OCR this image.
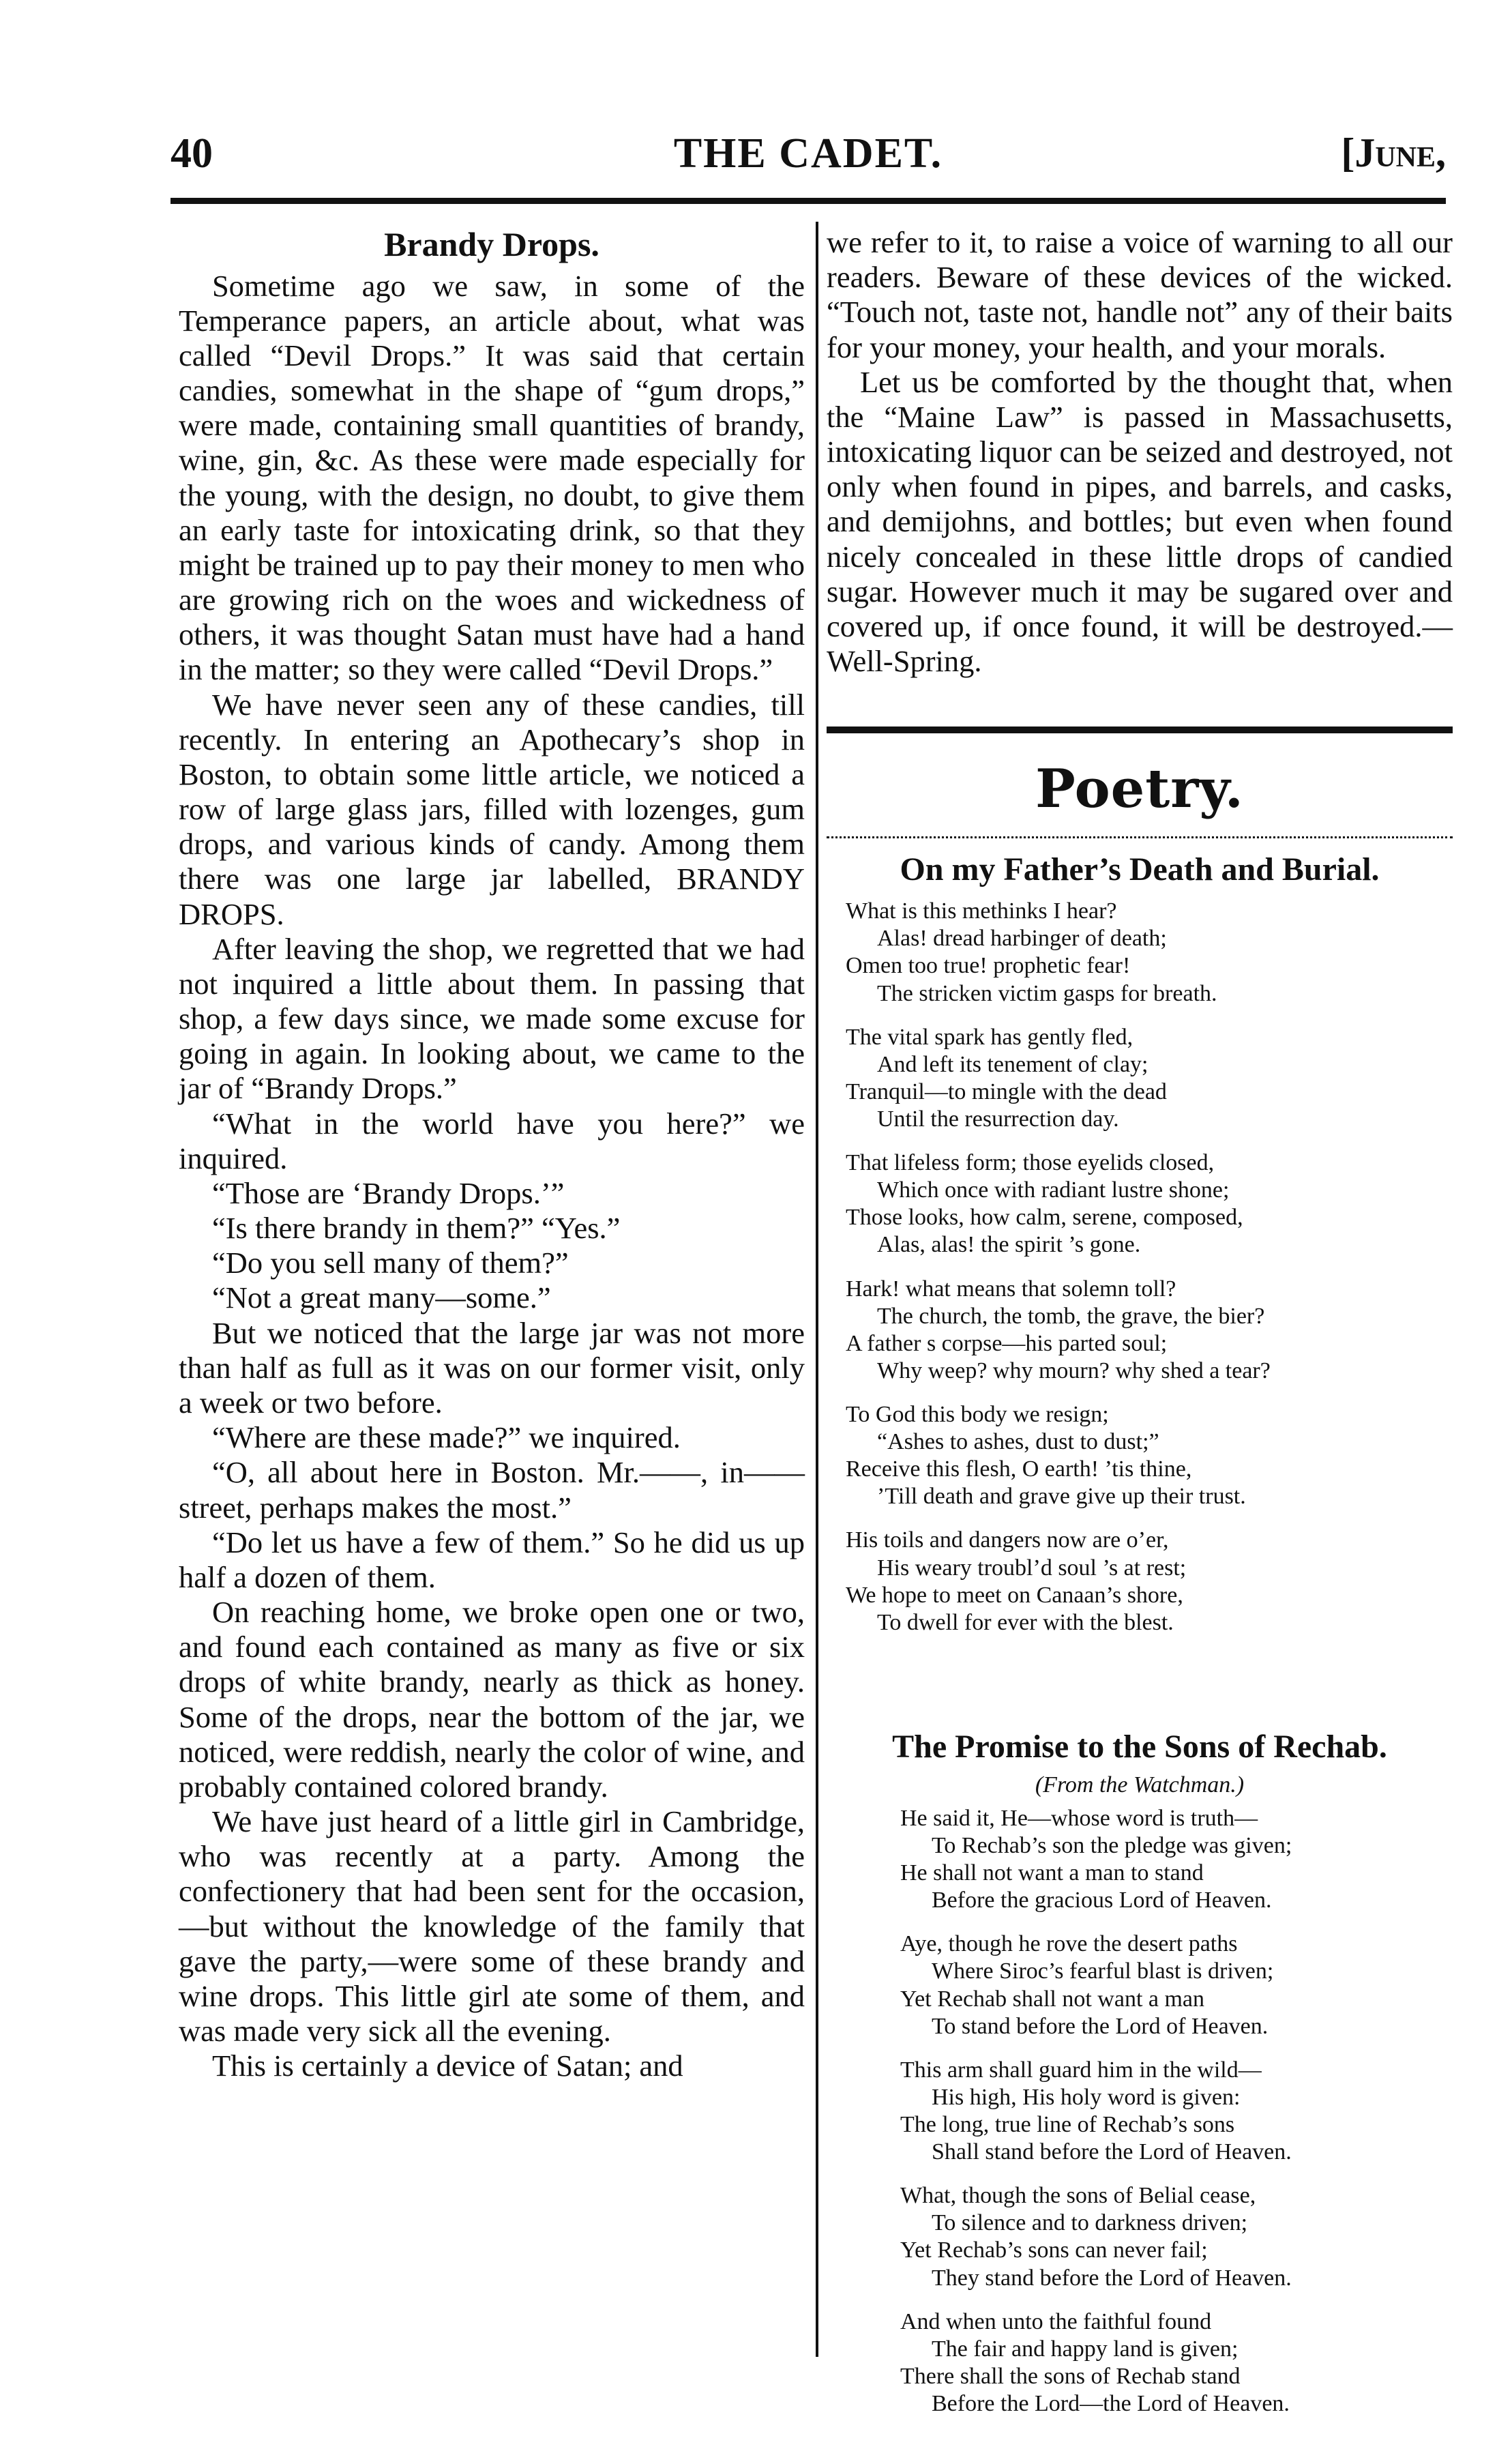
40	THE CADET.	[June,
Brandy Drops.

Sometime ago we saw, in some of the Temperance papers, an article about, what was called “Devil Drops.” It was said that certain candies, somewhat in the shape of “gum drops,” were made, containing small quantities of brandy, wine, gin, &c. As these were made especially for the young, with the design, no doubt, to give them an early taste for intoxicating drink, so that they might be trained up to pay their money to men who are growing rich on the woes and wickedness of others, it was thought Satan must have had a hand in the matter; so they were called “Devil Drops.”

We have never seen any of these candies, till recently. In entering an Apothecary’s shop in Boston, to obtain some little article, we noticed a row of large glass jars, filled with lozenges, gum drops, and various kinds of candy. Among them there was one large jar labelled, BRANDY DROPS.

After leaving the shop, we regretted that we had not inquired a little about them. In passing that shop, a few days since, we made some excuse for going in again. In looking about, we came to the jar of “Brandy Drops.”

“What in the world have you here?” we inquired.

“Those are ‘Brandy Drops.’”

“Is there brandy in them?” “Yes.”

“Do you sell many of them?”

“Not a great many—some.”

But we noticed that the large jar was not more than half as full as it was on our former visit, only a week or two before.

“Where are these made?” we inquired.

“O, all about here in Boston. Mr.——, in——street, perhaps makes the most.”

“Do let us have a few of them.” So he did us up half a dozen of them.

On reaching home, we broke open one or two, and found each contained as many as five or six drops of white brandy, nearly as thick as honey. Some of the drops, near the bottom of the jar, we noticed, were reddish, nearly the color of wine, and probably contained colored brandy.

We have just heard of a little girl in Cambridge, who was recently at a party. Among the confectionery that had been sent for the occasion,—but without the knowledge of the family that gave the party,—were some of these brandy and wine drops. This little girl ate some of them, and was made very sick all the evening.

This is certainly a device of Satan; and

we refer to it, to raise a voice of warning to all our readers. Beware of these devices of the wicked. “Touch not, taste not, handle not” any of their baits for your money, your health, and your morals.

Let us be comforted by the thought that, when the “Maine Law” is passed in Massachusetts, intoxicating liquor can be seized and destroyed, not only when found in pipes, and barrels, and casks, and demijohns, and bottles; but even when found nicely concealed in these little drops of candied sugar. However much it may be sugared over and covered up, if once found, it will be destroyed.—Well-Spring.

Poetry.
On my Father’s Death and Burial.
What is this methinks I hear?
Alas! dread harbinger of death;
Omen too true! prophetic fear!
The stricken victim gasps for breath.
The vital spark has gently fled,
And left its tenement of clay;
Tranquil—to mingle with the dead
Until the resurrection day.
That lifeless form; those eyelids closed,
Which once with radiant lustre shone;
Those looks, how calm, serene, composed,
Alas, alas! the spirit ’s gone.
Hark! what means that solemn toll?
The church, the tomb, the grave, the bier?
A father s corpse—his parted soul;
Why weep? why mourn? why shed a tear?
To God this body we resign;
“Ashes to ashes, dust to dust;”
Receive this flesh, O earth! ’tis thine,
’Till death and grave give up their trust.
His toils and dangers now are o’er,
His weary troubl’d soul ’s at rest;
We hope to meet on Canaan’s shore,
To dwell for ever with the blest.
The Promise to the Sons of Rechab.
(From the Watchman.)
He said it, He—whose word is truth—
To Rechab’s son the pledge was given;
He shall not want a man to stand
Before the gracious Lord of Heaven.
Aye, though he rove the desert paths
Where Siroc’s fearful blast is driven;
Yet Rechab shall not want a man
To stand before the Lord of Heaven.
This arm shall guard him in the wild—
His high, His holy word is given:
The long, true line of Rechab’s sons
Shall stand before the Lord of Heaven.
What, though the sons of Belial cease,
To silence and to darkness driven;
Yet Rechab’s sons can never fail;
They stand before the Lord of Heaven.
And when unto the faithful found
The fair and happy land is given;
There shall the sons of Rechab stand
Before the Lord—the Lord of Heaven.
